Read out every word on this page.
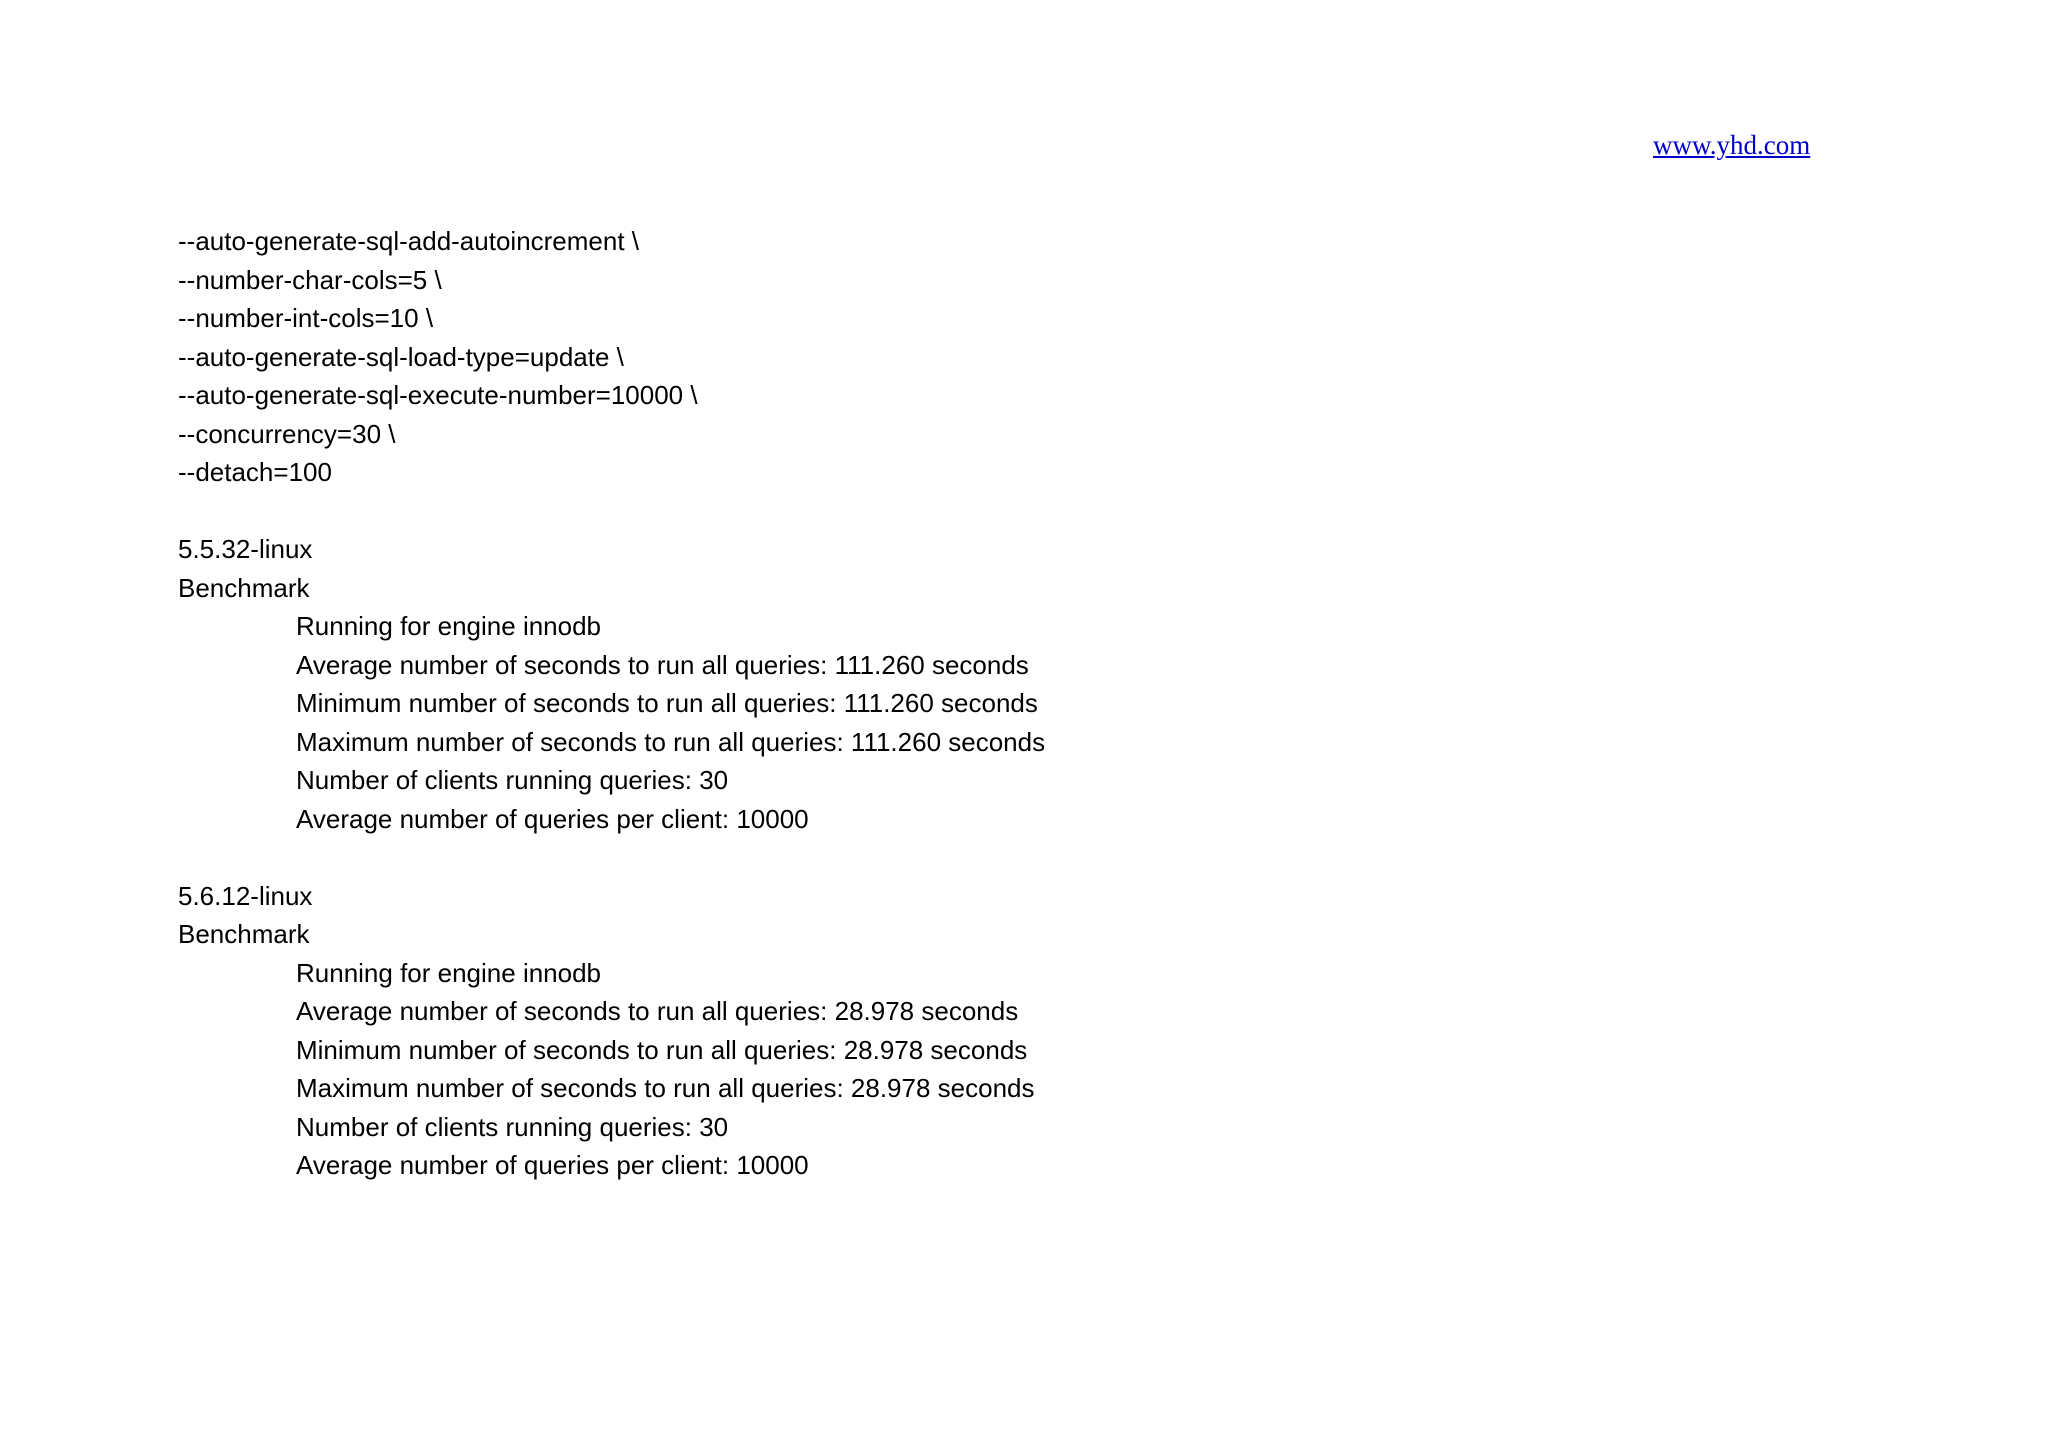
www.yhd.com
--auto-generate-sql-add-autoincrement \
--number-char-cols=5 \
--number-int-cols=10 \
--auto-generate-sql-load-type=update \
--auto-generate-sql-execute-number=10000 \
--concurrency=30 \
--detach=100
5.5.32-linux
Benchmark
Running for engine innodb
Average number of seconds to run all queries: 111.260 seconds
Minimum number of seconds to run all queries: 111.260 seconds
Maximum number of seconds to run all queries: 111.260 seconds
Number of clients running queries: 30
Average number of queries per client: 10000
5.6.12-linux
Benchmark
Running for engine innodb
Average number of seconds to run all queries: 28.978 seconds
Minimum number of seconds to run all queries: 28.978 seconds
Maximum number of seconds to run all queries: 28.978 seconds
Number of clients running queries: 30
Average number of queries per client: 10000
